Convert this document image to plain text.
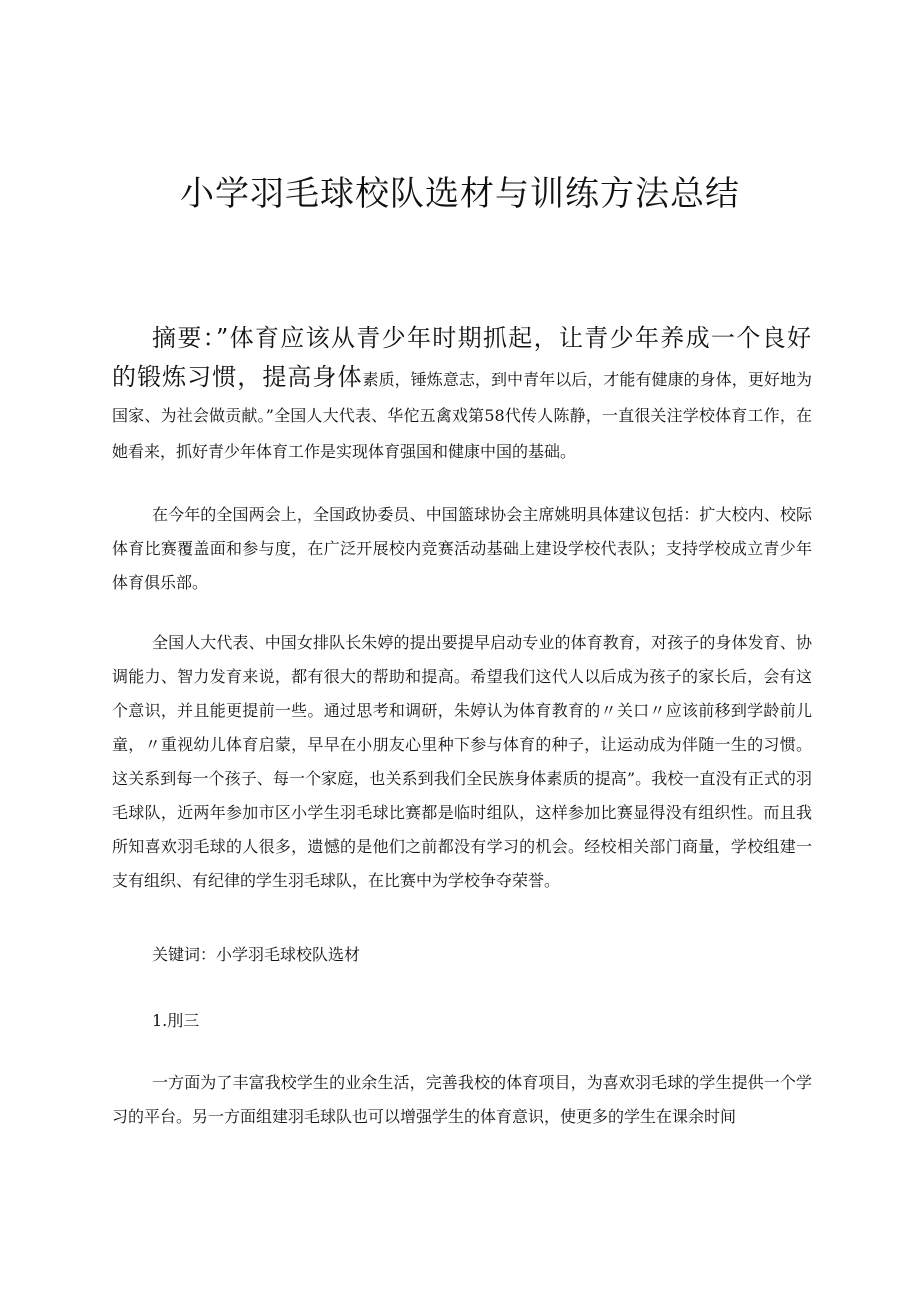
小学羽毛球校队选材与训练方法总结

摘要：”体育应该从青少年时期抓起，让青少年养成一个良好的锻炼习惯，提高身体素质，锤炼意志，到中青年以后，才能有健康的身体，更好地为国家、为社会做贡献。”全国人大代表、华佗五禽戏第58代传人陈静，一直很关注学校体育工作，在她看来，抓好青少年体育工作是实现体育强国和健康中国的基础。

在今年的全国两会上，全国政协委员、中国篮球协会主席姚明具体建议包括：扩大校内、校际体育比赛覆盖面和参与度，在广泛开展校内竞赛活动基础上建设学校代表队；支持学校成立青少年体育俱乐部。

全国人大代表、中国女排队长朱婷的提出要提早启动专业的体育教育，对孩子的身体发育、协调能力、智力发育来说，都有很大的帮助和提高。希望我们这代人以后成为孩子的家长后，会有这个意识，并且能更提前一些。通过思考和调研，朱婷认为体育教育的〃关口〃应该前移到学龄前儿童，〃重视幼儿体育启蒙，早早在小朋友心里种下参与体育的种子，让运动成为伴随一生的习惯。这关系到每一个孩子、每一个家庭，也关系到我们全民族身体素质的提高”。我校一直没有正式的羽毛球队，近两年参加市区小学生羽毛球比赛都是临时组队，这样参加比赛显得没有组织性。而且我所知喜欢羽毛球的人很多，遗憾的是他们之前都没有学习的机会。经校相关部门商量，学校组建一支有组织、有纪律的学生羽毛球队，在比赛中为学校争夺荣誉。

关键词：小学羽毛球校队选材

1.刖三

一方面为了丰富我校学生的业余生活，完善我校的体育项目，为喜欢羽毛球的学生提供一个学习的平台。另一方面组建羽毛球队也可以增强学生的体育意识，使更多的学生在课余时间
